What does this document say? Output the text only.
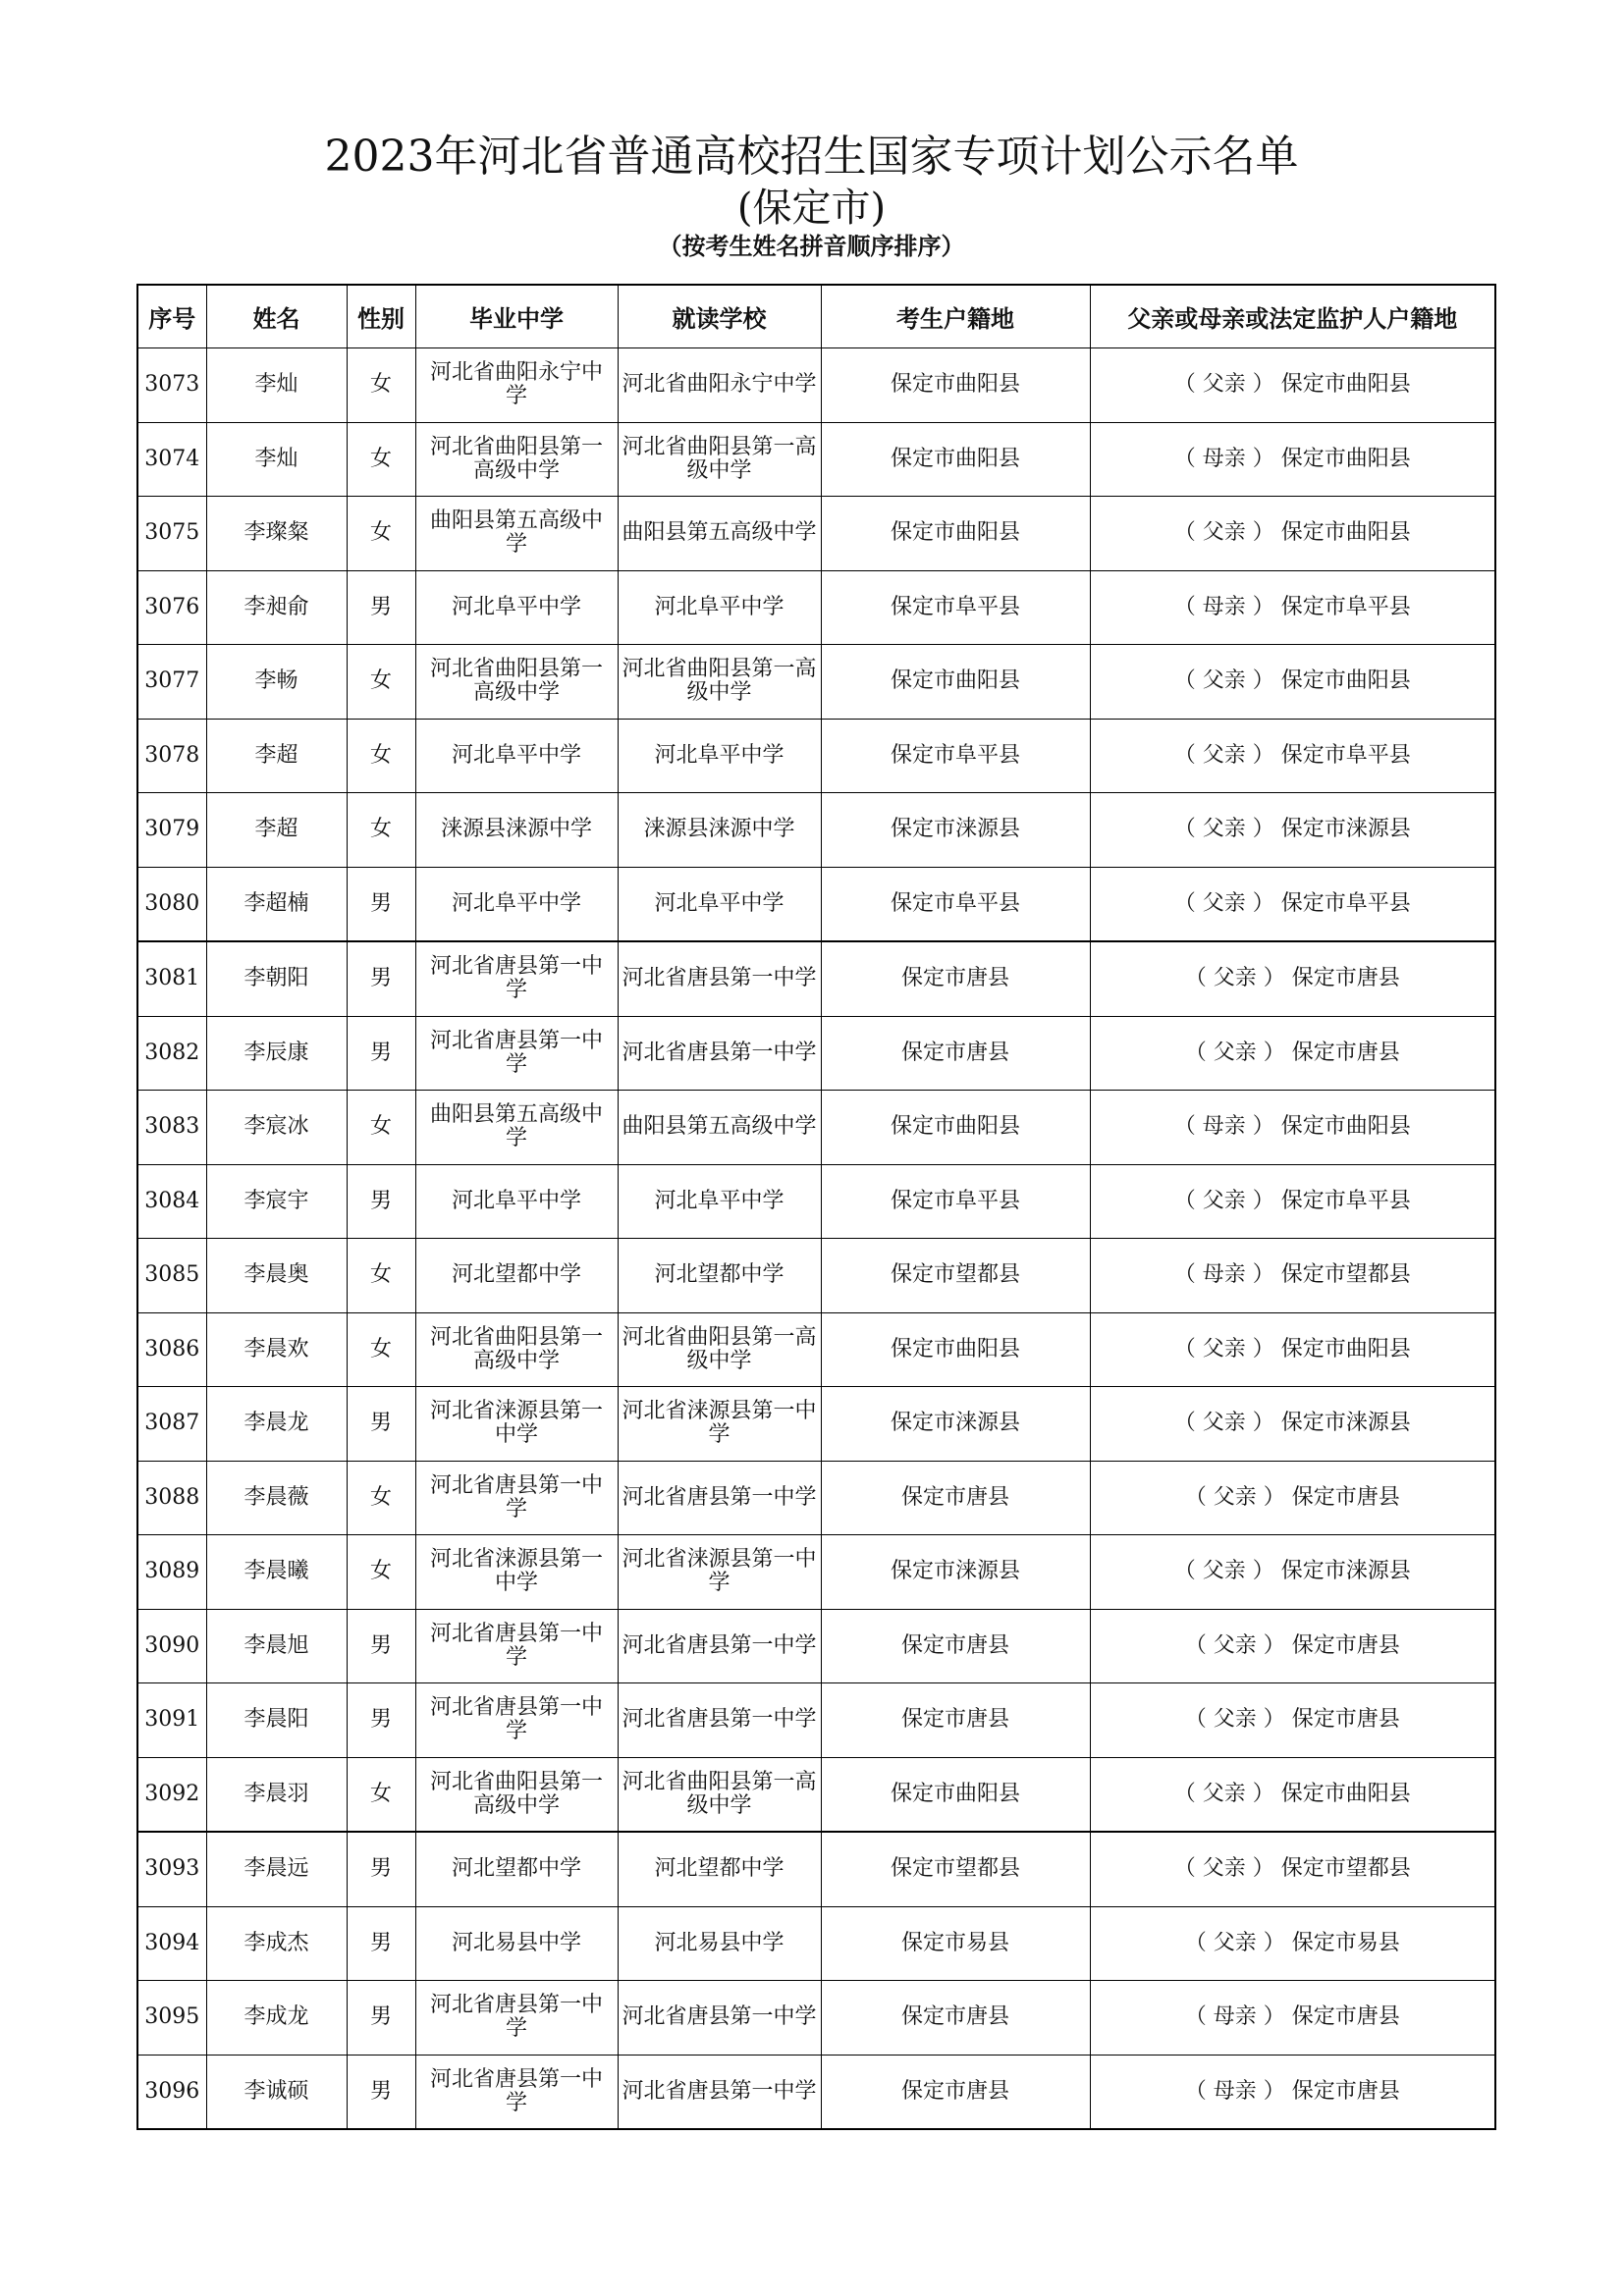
2023年河北省普通高校招生国家专项计划公示名单
(保定市)
（按考生姓名拼音顺序排序）
序号	姓名	性别	毕业中学	就读学校	考生户籍地	父亲或母亲或法定监护人户籍地
3073	李灿	女	河北省曲阳永宁中学	河北省曲阳永宁中学	保定市曲阳县	（ 父亲 ） 保定市曲阳县
3074	李灿	女	河北省曲阳县第一高级中学	河北省曲阳县第一高级中学	保定市曲阳县	（ 母亲 ） 保定市曲阳县
3075	李璨粲	女	曲阳县第五高级中学	曲阳县第五高级中学	保定市曲阳县	（ 父亲 ） 保定市曲阳县
3076	李昶俞	男	河北阜平中学	河北阜平中学	保定市阜平县	（ 母亲 ） 保定市阜平县
3077	李畅	女	河北省曲阳县第一高级中学	河北省曲阳县第一高级中学	保定市曲阳县	（ 父亲 ） 保定市曲阳县
3078	李超	女	河北阜平中学	河北阜平中学	保定市阜平县	（ 父亲 ） 保定市阜平县
3079	李超	女	涞源县涞源中学	涞源县涞源中学	保定市涞源县	（ 父亲 ） 保定市涞源县
3080	李超楠	男	河北阜平中学	河北阜平中学	保定市阜平县	（ 父亲 ） 保定市阜平县
3081	李朝阳	男	河北省唐县第一中学	河北省唐县第一中学	保定市唐县	（ 父亲 ） 保定市唐县
3082	李辰康	男	河北省唐县第一中学	河北省唐县第一中学	保定市唐县	（ 父亲 ） 保定市唐县
3083	李宸冰	女	曲阳县第五高级中学	曲阳县第五高级中学	保定市曲阳县	（ 母亲 ） 保定市曲阳县
3084	李宸宇	男	河北阜平中学	河北阜平中学	保定市阜平县	（ 父亲 ） 保定市阜平县
3085	李晨奥	女	河北望都中学	河北望都中学	保定市望都县	（ 母亲 ） 保定市望都县
3086	李晨欢	女	河北省曲阳县第一高级中学	河北省曲阳县第一高级中学	保定市曲阳县	（ 父亲 ） 保定市曲阳县
3087	李晨龙	男	河北省涞源县第一中学	河北省涞源县第一中学	保定市涞源县	（ 父亲 ） 保定市涞源县
3088	李晨薇	女	河北省唐县第一中学	河北省唐县第一中学	保定市唐县	（ 父亲 ） 保定市唐县
3089	李晨曦	女	河北省涞源县第一中学	河北省涞源县第一中学	保定市涞源县	（ 父亲 ） 保定市涞源县
3090	李晨旭	男	河北省唐县第一中学	河北省唐县第一中学	保定市唐县	（ 父亲 ） 保定市唐县
3091	李晨阳	男	河北省唐县第一中学	河北省唐县第一中学	保定市唐县	（ 父亲 ） 保定市唐县
3092	李晨羽	女	河北省曲阳县第一高级中学	河北省曲阳县第一高级中学	保定市曲阳县	（ 父亲 ） 保定市曲阳县
3093	李晨远	男	河北望都中学	河北望都中学	保定市望都县	（ 父亲 ） 保定市望都县
3094	李成杰	男	河北易县中学	河北易县中学	保定市易县	（ 父亲 ） 保定市易县
3095	李成龙	男	河北省唐县第一中学	河北省唐县第一中学	保定市唐县	（ 母亲 ） 保定市唐县
3096	李诚硕	男	河北省唐县第一中学	河北省唐县第一中学	保定市唐县	（ 母亲 ） 保定市唐县
